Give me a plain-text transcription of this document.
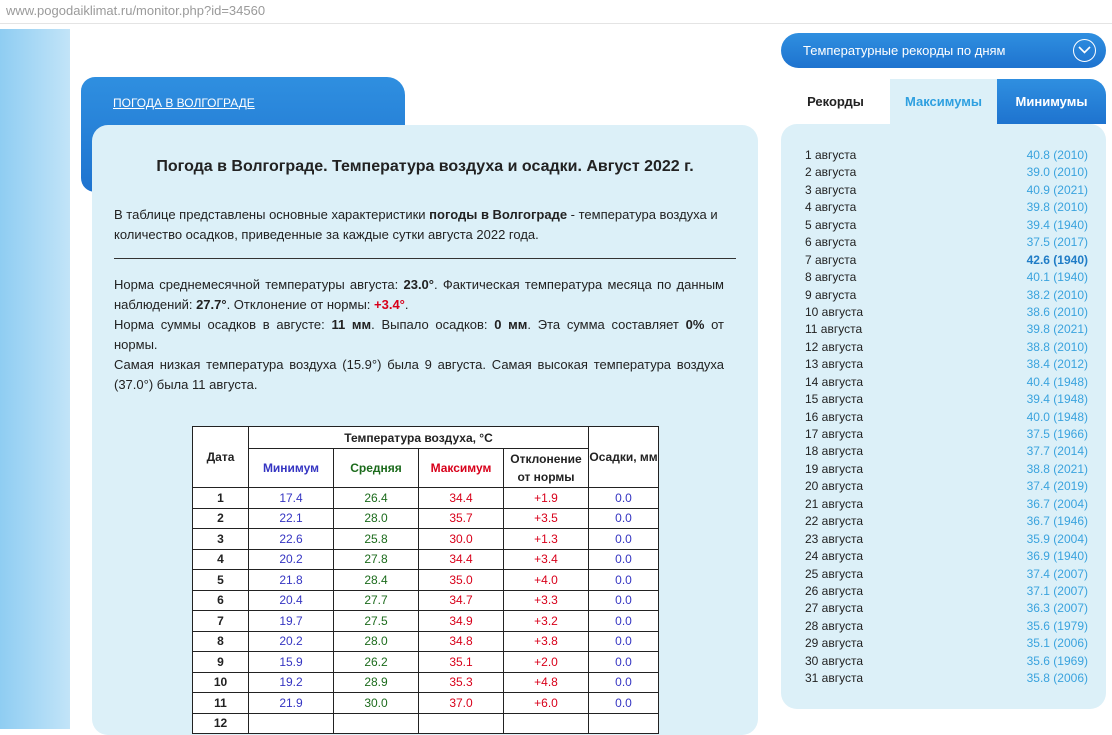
www.pogodaiklimat.ru/monitor.php?id=34560
ПОГОДА В ВОЛГОГРАДЕ
Погода в Волгограде. Температура воздуха и осадки. Август 2022 г.
В таблице представлены основные характеристики погоды в Волгограде - температура воздуха и количество осадков, приведенные за каждые сутки августа 2022 года.
Норма среднемесячной температуры августа: 23.0°. Фактическая температура месяца по данным наблюдений: 27.7°. Отклонение от нормы: +3.4°.
Норма суммы осадков в августе: 11 мм. Выпало осадков: 0 мм. Эта сумма составляет 0% от нормы.
Самая низкая температура воздуха (15.9°) была 9 августа. Самая высокая температура воздуха (37.0°) была 11 августа.
Дата	Температура воздуха, °С				Осадки, мм
	Минимум	Средняя	Максимум	Отклонение от нормы	
1	17.4	26.4	34.4	+1.9	0.0
2	22.1	28.0	35.7	+3.5	0.0
3	22.6	25.8	30.0	+1.3	0.0
4	20.2	27.8	34.4	+3.4	0.0
5	21.8	28.4	35.0	+4.0	0.0
6	20.4	27.7	34.7	+3.3	0.0
7	19.7	27.5	34.9	+3.2	0.0
8	20.2	28.0	34.8	+3.8	0.0
9	15.9	26.2	35.1	+2.0	0.0
10	19.2	28.9	35.3	+4.8	0.0
11	21.9	30.0	37.0	+6.0	0.0
12					
Температурные рекорды по дням
Рекорды	Максимумы	Минимумы
1 августа	40.8 (2010)
2 августа	39.0 (2010)
3 августа	40.9 (2021)
4 августа	39.8 (2010)
5 августа	39.4 (1940)
6 августа	37.5 (2017)
7 августа	42.6 (1940)
8 августа	40.1 (1940)
9 августа	38.2 (2010)
10 августа	38.6 (2010)
11 августа	39.8 (2021)
12 августа	38.8 (2010)
13 августа	38.4 (2012)
14 августа	40.4 (1948)
15 августа	39.4 (1948)
16 августа	40.0 (1948)
17 августа	37.5 (1966)
18 августа	37.7 (2014)
19 августа	38.8 (2021)
20 августа	37.4 (2019)
21 августа	36.7 (2004)
22 августа	36.7 (1946)
23 августа	35.9 (2004)
24 августа	36.9 (1940)
25 августа	37.4 (2007)
26 августа	37.1 (2007)
27 августа	36.3 (2007)
28 августа	35.6 (1979)
29 августа	35.1 (2006)
30 августа	35.6 (1969)
31 августа	35.8 (2006)
